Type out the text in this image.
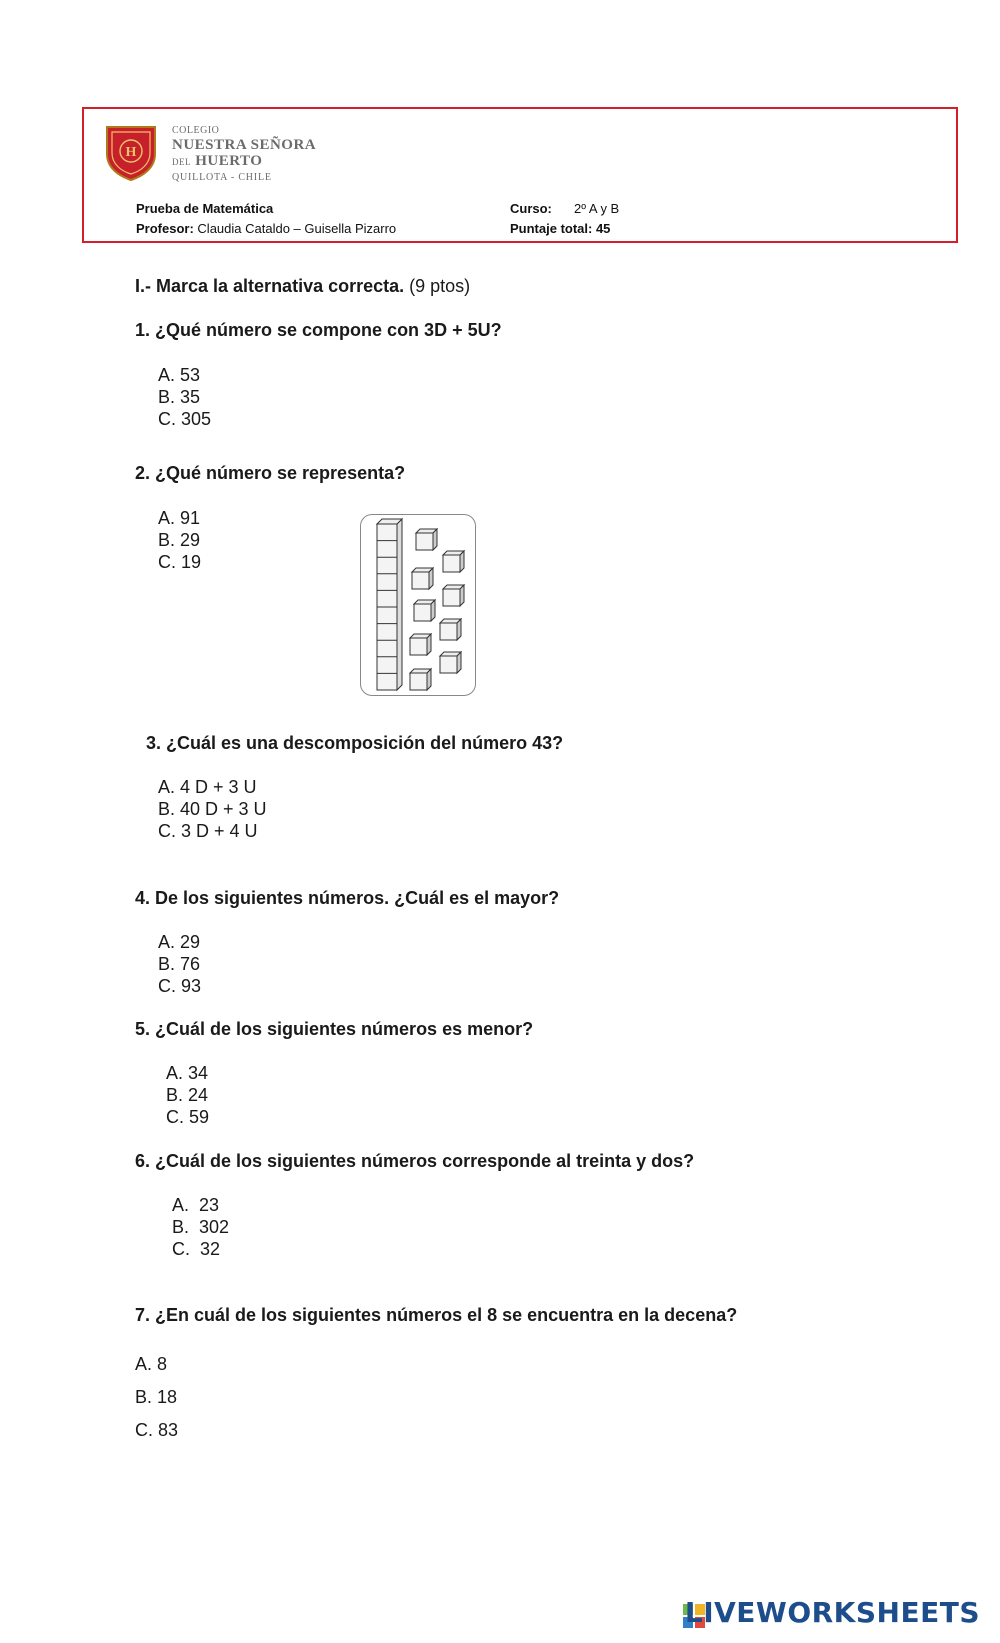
H
COLEGIO
NUESTRA SEÑORA
DEL HUERTO
QUILLOTA - CHILE
Prueba de Matemática
Profesor: Claudia Cataldo – Guisella Pizarro
Curso: 2º A y B
Puntaje total: 45
I.- Marca la alternativa correcta. (9 ptos)
1. ¿Qué número se compone con 3D + 5U?
A. 53
B. 35
C. 305
2. ¿Qué número se representa?
A. 91
B. 29
C. 19
3. ¿Cuál es una descomposición del número 43?
A. 4 D + 3 U
B. 40 D + 3 U
C. 3 D + 4 U
4. De los siguientes números. ¿Cuál es el mayor?
A. 29
B. 76
C. 93
5. ¿Cuál de los siguientes números es menor?
A. 34
B. 24
C. 59
6. ¿Cuál de los siguientes números corresponde al treinta y dos?
A.  23
B.  302
C.  32
7. ¿En cuál de los siguientes números el 8 se encuentra en la decena?
A. 8
B. 18
C. 83
LIVEWORKSHEETS
